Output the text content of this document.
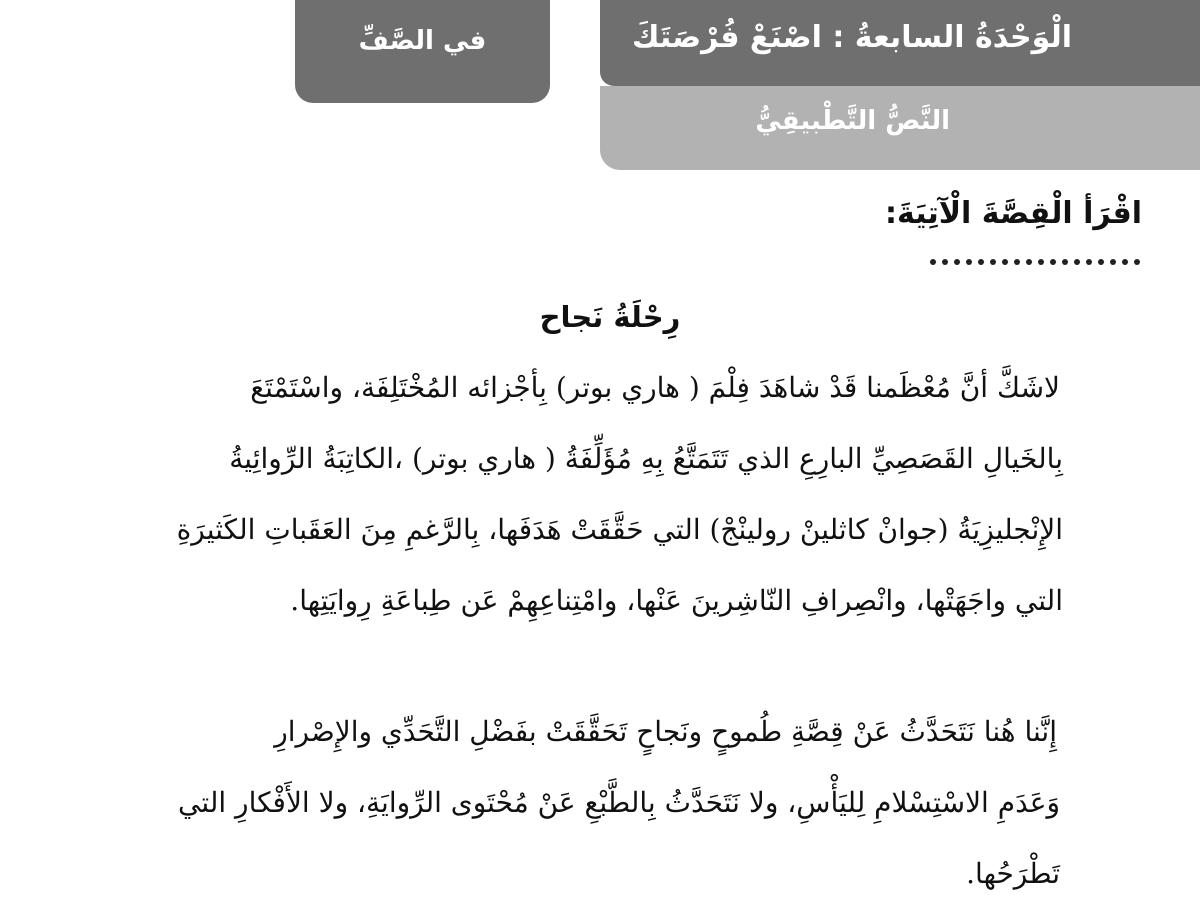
في الصَّفِّ	الْوَحْدَةُ السابعةُ : اصْنَعْ فُرْصَتَكَ
النَّصُّ التَّطْبيقِيُّ
اقْرَأ الْقِصَّةَ الْآتِيَةَ:
رِحْلَةُ نَجاح
لاشَكَّ أنَّ مُعْظَمنا قَدْ شاهَدَ فِلْمَ ( هاري بوتر) بِأجْزائه المُخْتَلِفَة، واسْتَمْتَعَ
بِالخَيالِ القَصَصِيِّ البارِعِ الذي تَتَمَتَّعُ بِهِ مُؤَلِّفَةُ ( هاري بوتر) ،الكاتِبَةُ الرِّوائِيةُ
الإِنْجليزِيَةُ (جوانْ كاثلينْ رولينْجْ) التي حَقَّقَتْ هَدَفَها، بِالرَّغمِ مِنَ العَقَباتِ الكَثيرَةِ
التي واجَهَتْها، وانْصِرافِ النّاشِرينَ عَنْها، وامْتِناعِهِمْ عَن طِباعَةِ رِوايَتِها.
إِنَّنا هُنا نَتَحَدَّثُ عَنْ قِصَّةِ طُموحٍ ونَجاحٍ تَحَقَّقَتْ بفَضْلِ التَّحَدِّي والإِصْرارِ
وَعَدَمِ الاسْتِسْلامِ لِليَأْسِ، ولا نَتَحَدَّثُ بِالطَّبْعِ عَنْ مُحْتَوى الرِّوايَةِ، ولا الأَفْكارِ التي
تَطْرَحُها.
